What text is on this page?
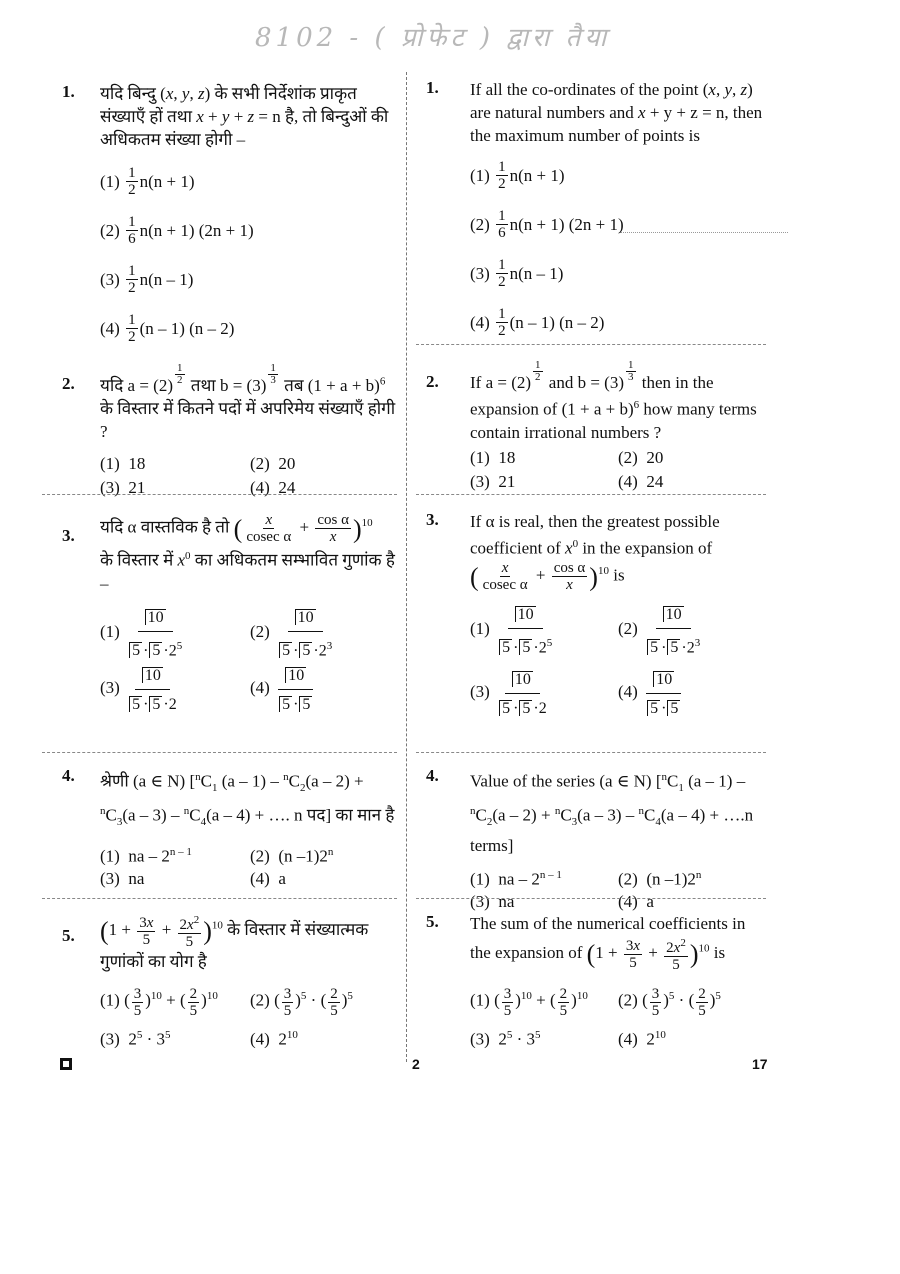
8102 - ( प्रोफेट ) द्वारा तैया
1. यदि बिन्दु (x, y, z) के सभी निर्देशांक प्राकृत संख्याएँ हों तथा x + y + z = n है, तो बिन्दुओं की अधिकतम संख्या होगी –
$(1) \frac{1}{2} n(n + 1)$
$(2) \frac{1}{6} n(n + 1) (2n + 1)$
$(3) \frac{1}{2} n(n - 1)$
$(4) \frac{1}{2} (n - 1)$ (n – 2)
2. यदि a = (2) $^{\frac{1}{2}}$ तथा b = (3) $^{\frac{1}{3}}$ तब $(1 + a + b)^6$ के विस्तार में कितने पदों में अपरिमेय संख्याएँ होगी ?
(1)  18	(2)  20
(3)  21	(4)  24
3. यदि α वास्तविक है तो ( $\frac{x}{\text{cosec α}} + \frac{\text{cos α}}{x} )^{10}$
के विस्तार में $x^0$ का अधिकतम सम्भावित गुणांक है –
$(1) \frac{10}{5 \cdot 5 \cdot 2^5}$	$(2) \frac{10}{5 \cdot 5 \cdot 2^3}$
$(3) \frac{10}{5 \cdot 5 \cdot 2}$	$(4) \frac{10}{5 \cdot 5}$
4. श्रेणी (a ∈ N) [$^nC_1$ $(a - 1) - ^nC_2(a - 2) + ^nC_3(a - 3) - ^nC_4(a - 4)$ + …. n पद] का मान है
(1)  na – 2$^{n - 1}$	(2)  (n –1)2$^n$
(3)  na	(4)  a
5. $(1 + \frac{3x}{5} + \frac{2x^2}{5} )^{10}$ के विस्तार में संख्यात्मक गुणांकों का योग है
(1) ( $\frac{3}{5} )^{10}$ + ( $\frac{2}{5} )^{10}$	(2) ( $\frac{3}{5} )^5$ · ( $\frac{2}{5} )^5$
(3)  $2^5 \cdot 3^5$	(4)  $2^{10}$
1. If all the co-ordinates of the point (x, y, z) are natural numbers and x + y + z = n, then the maximum number of points is
$(1) \frac{1}{2} n(n + 1)$
$(2) \frac{1}{6} n(n + 1) (2n + 1)$
$(3) \frac{1}{2} n(n - 1)$
$(4) \frac{1}{2} (n - 1)$ (n – 2)
2. If a = (2) $^{\frac{1}{2}}$ and b = (3) $^{\frac{1}{3}}$ then in the expansion of $(1 + a + b)^6$ how many terms contain irrational numbers ?
(1)  18	(2)  20
(3)  21	(4)  24
3. If α is real, then the greatest possible coefficient of $x^0$ in the expansion of
( $\frac{x}{\text{cosec α}} + \frac{\text{cos α}}{x} )^{10}$ is
$(1) \frac{10}{5 \cdot 5 \cdot 2^5}$	$(2) \frac{10}{5 \cdot 5 \cdot 2^3}$
$(3) \frac{10}{5 \cdot 5 \cdot 2}$	$(4) \frac{10}{5 \cdot 5}$
4. Value of the series (a ∈ N) [$^nC_1$ $(a - 1) - ^nC_2(a - 2) + ^nC_3(a - 3) - ^nC_4(a - 4)$ + ….n terms]
(1)  na – 2$^{n - 1}$	(2)  (n –1)2$^n$
(3)  na	(4)  a
5. The sum of the numerical coefficients in the expansion of $(1 + \frac{3x}{5} + \frac{2x^2}{5} )^{10}$ is
(1) ( $\frac{3}{5} )^{10}$ + ( $\frac{2}{5} )^{10}$	(2) ( $\frac{3}{5} )^5$ · ( $\frac{2}{5} )^5$
(3)  $2^5 \cdot 3^5$	(4)  $2^{10}$
2	17
